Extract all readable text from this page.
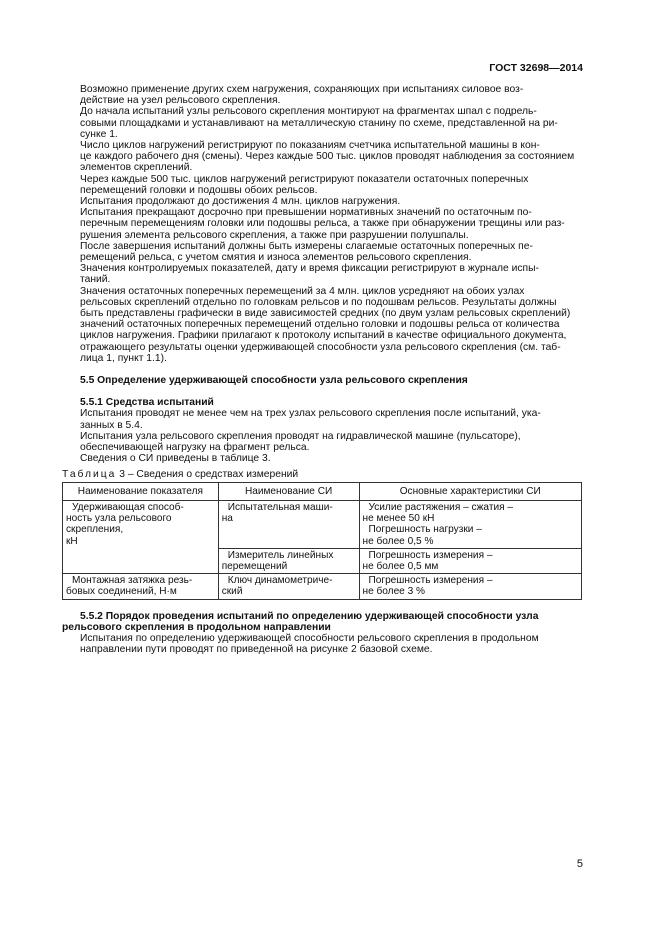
ГОСТ 32698—2014

Возможно применение других схем нагружения, сохраняющих при испытаниях силовое воз-
действие на узел рельсового скрепления.

До начала испытаний узлы рельсового скрепления монтируют на фрагментах шпал с подрель-
совыми площадками и устанавливают на металлическую станину по схеме, представленной на ри-
сунке 1.

Число циклов нагружений регистрируют по показаниям счетчика испытательной машины в кон-
це каждого рабочего дня (смены). Через каждые 500 тыс. циклов проводят наблюдения за состоянием
элементов скреплений.

Через каждые 500 тыс. циклов нагружений регистрируют показатели остаточных поперечных
перемещений головки и подошвы обоих рельсов.

Испытания продолжают до достижения 4 млн. циклов нагружения.

Испытания прекращают досрочно при превышении нормативных значений по остаточным по-
перечным перемещениям головки или подошвы рельса, а также при обнаружении трещины или раз-
рушения элемента рельсового скрепления, а также при разрушении полушпалы.

После завершения испытаний должны быть измерены слагаемые остаточных поперечных пе-
ремещений рельса, с учетом смятия и износа элементов рельсового скрепления.

Значения контролируемых показателей, дату и время фиксации регистрируют в журнале испы-
таний.

Значения остаточных поперечных перемещений за 4 млн. циклов усредняют на обоих узлах
рельсовых скреплений отдельно по головкам рельсов и по подошвам рельсов. Результаты должны
быть представлены графически в виде зависимостей средних (по двум узлам рельсовых скреплений)
значений остаточных поперечных перемещений отдельно головки и подошвы рельса от количества
циклов нагружения. Графики прилагают к протоколу испытаний в качестве официального документа,
отражающего результаты оценки удерживающей способности узла рельсового скрепления (см. таб-
лица 1, пункт 1.1).

5.5 Определение удерживающей способности узла рельсового скрепления

5.5.1 Средства испытаний

Испытания проводят не менее чем на трех узлах рельсового скрепления после испытаний, ука-
занных в 5.4.

Испытания узла рельсового скрепления проводят на гидравлической машине (пульсаторе),
обеспечивающей нагрузку на фрагмент рельса.

Сведения о СИ приведены в таблице 3.

Таблица 3 – Сведения о средствах измерений

Наименование показателя	Наименование СИ	Основные характеристики СИ

Удерживающая способ-
ность узла рельсового
скрепления,
кН	Испытательная маши-
на	Усилие растяжения – сжатия –
не менее 50 кН
Погрешность нагрузки –
не более 0,5 %

	Измеритель линейных
перемещений	Погрешность измерения –
не более 0,5 мм

Монтажная затяжка резь-
бовых соединений, Н·м	Ключ динамометриче-
ский	Погрешность измерения –
не более 3 %

5.5.2 Порядок проведения испытаний по определению удерживающей способности узла
рельсового скрепления в продольном направлении

Испытания по определению удерживающей способности рельсового скрепления в продольном
направлении пути проводят по приведенной на рисунке 2 базовой схеме.

5
